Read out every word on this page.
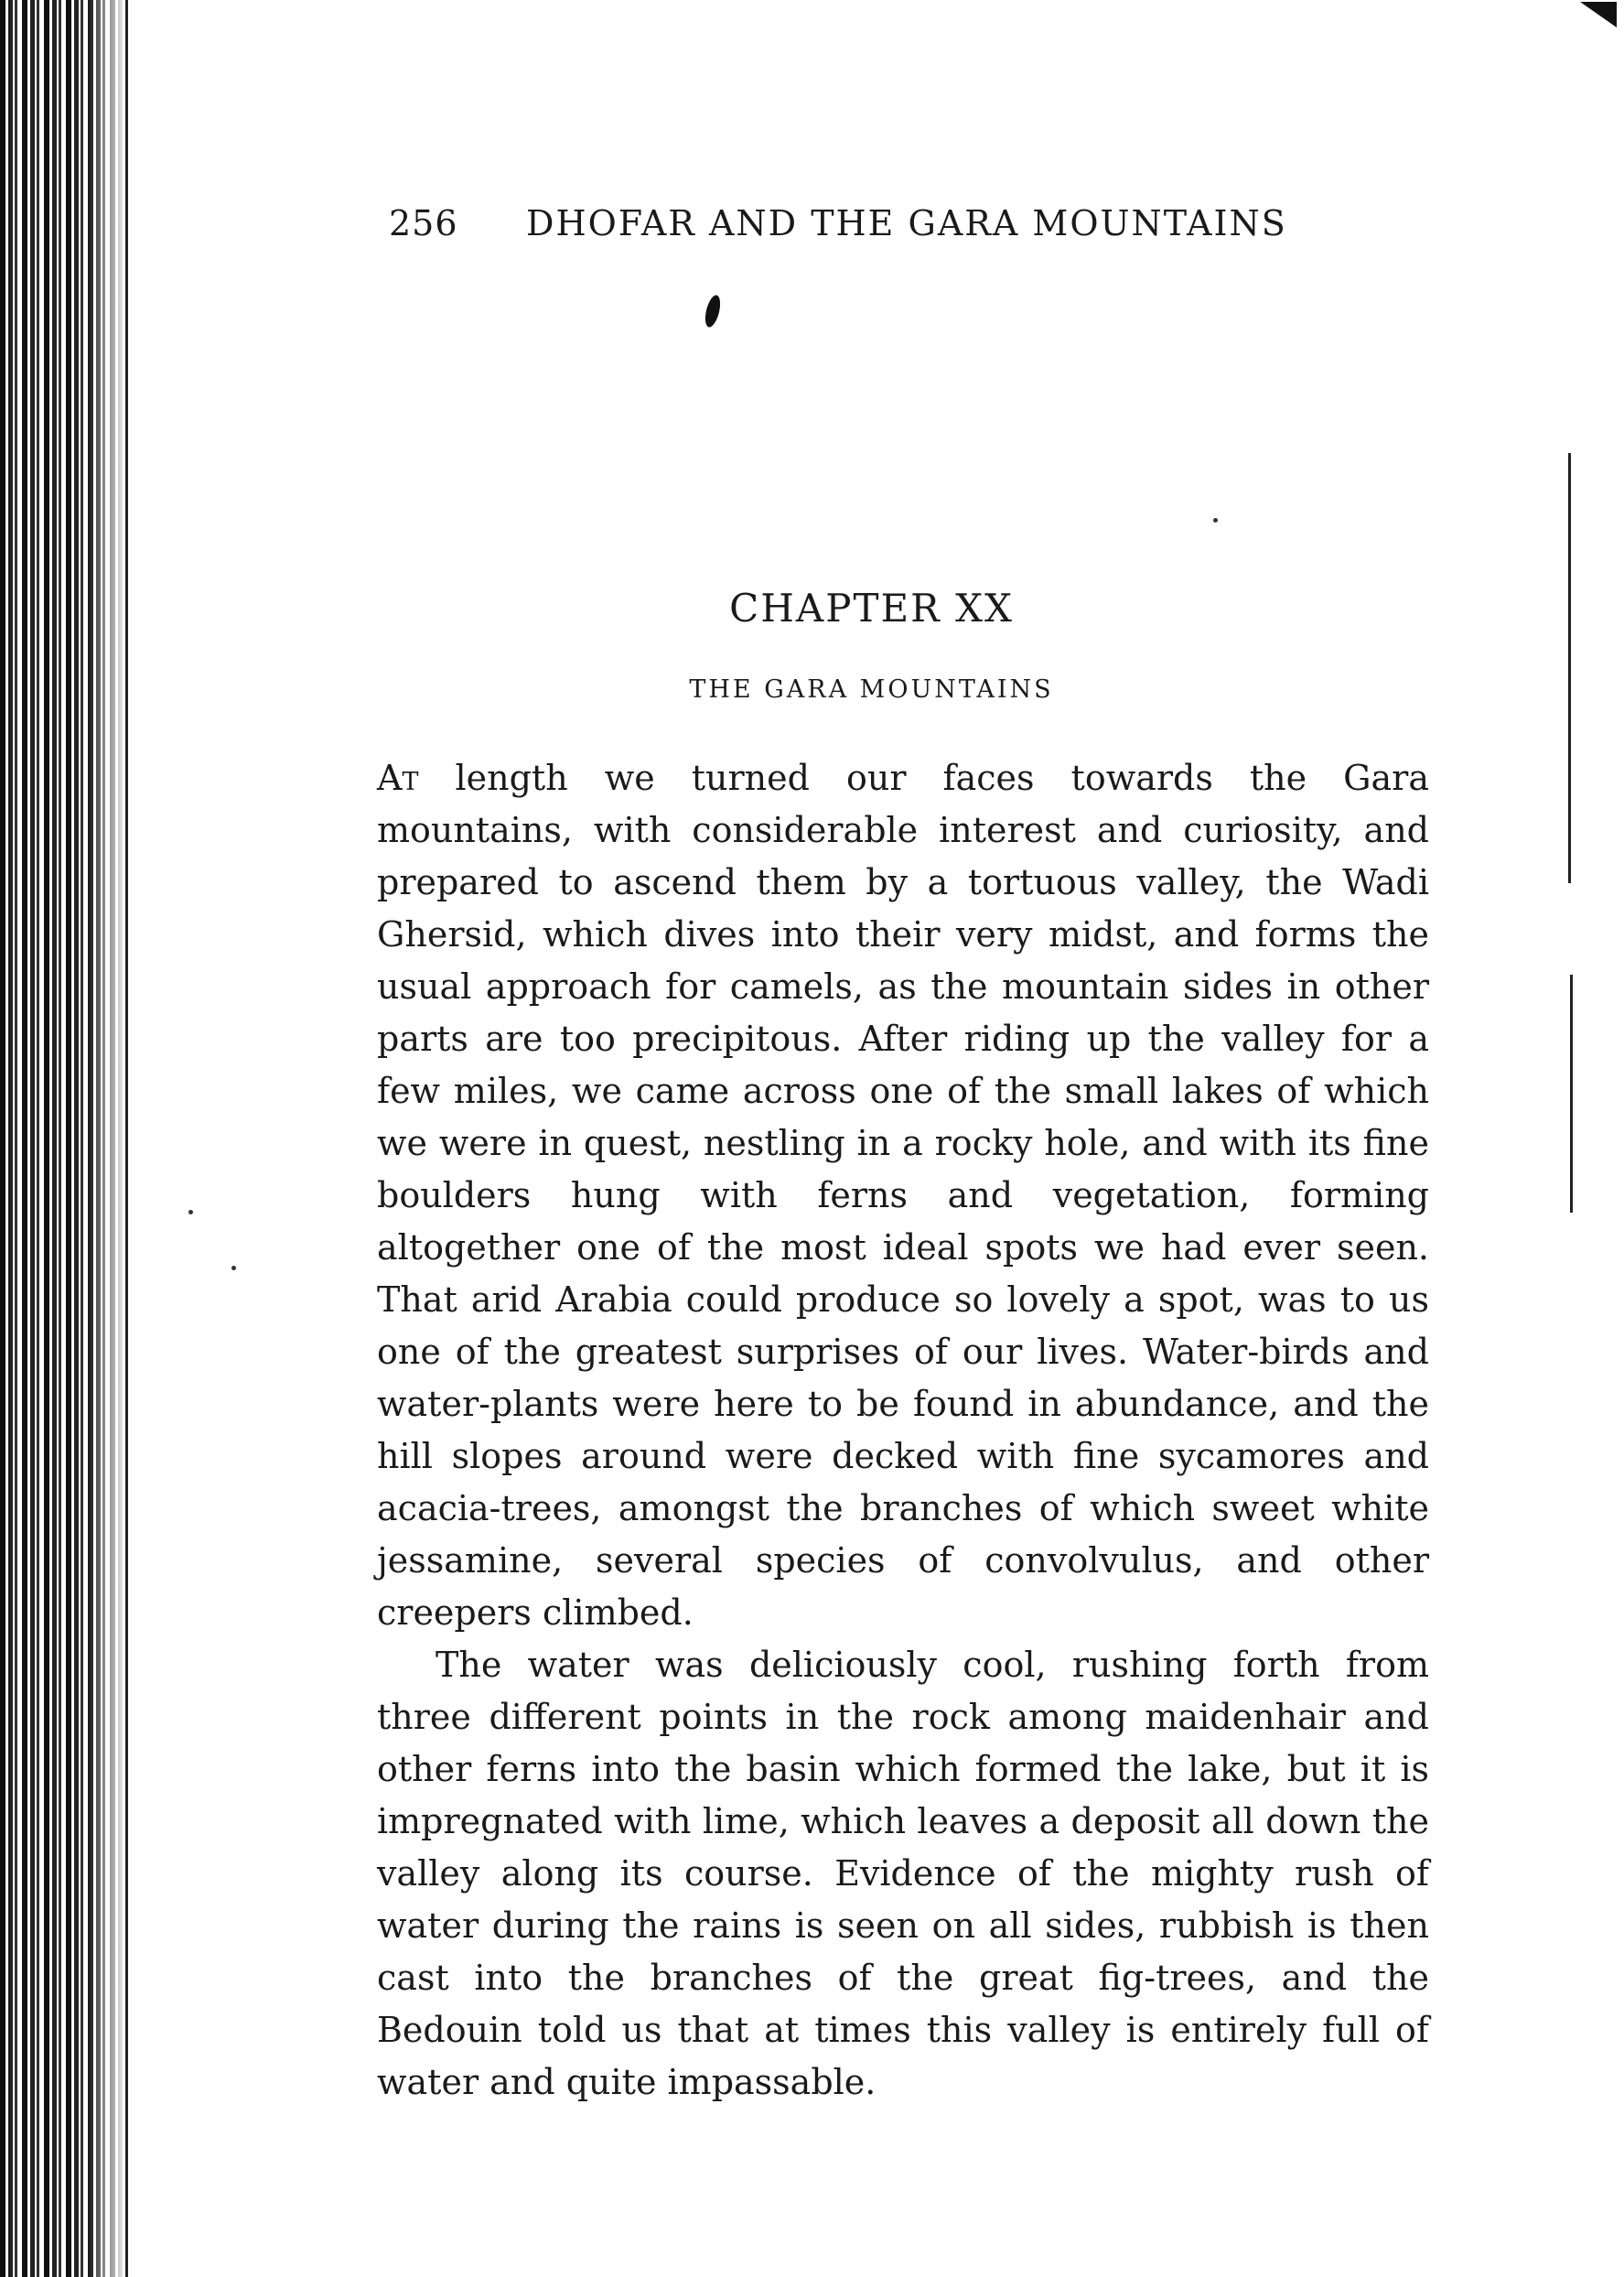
256 DHOFAR AND THE GARA MOUNTAINS
CHAPTER XX
THE GARA MOUNTAINS

At length we turned our faces towards the Gara mountains, with considerable interest and curiosity, and prepared to ascend them by a tortuous valley, the Wadi Ghersid, which dives into their very midst, and forms the usual approach for camels, as the mountain sides in other parts are too precipitous. After riding up the valley for a few miles, we came across one of the small lakes of which we were in quest, nestling in a rocky hole, and with its fine boulders hung with ferns and vegetation, forming altogether one of the most ideal spots we had ever seen. That arid Arabia could produce so lovely a spot, was to us one of the greatest surprises of our lives. Water-birds and water-plants were here to be found in abundance, and the hill slopes around were decked with fine sycamores and acacia-trees, amongst the branches of which sweet white jessamine, several species of convolvulus, and other creepers climbed.

The water was deliciously cool, rushing forth from three different points in the rock among maidenhair and other ferns into the basin which formed the lake, but it is impregnated with lime, which leaves a deposit all down the valley along its course. Evidence of the mighty rush of water during the rains is seen on all sides, rubbish is then cast into the branches of the great fig-trees, and the Bedouin told us that at times this valley is entirely full of water and quite impassable.
